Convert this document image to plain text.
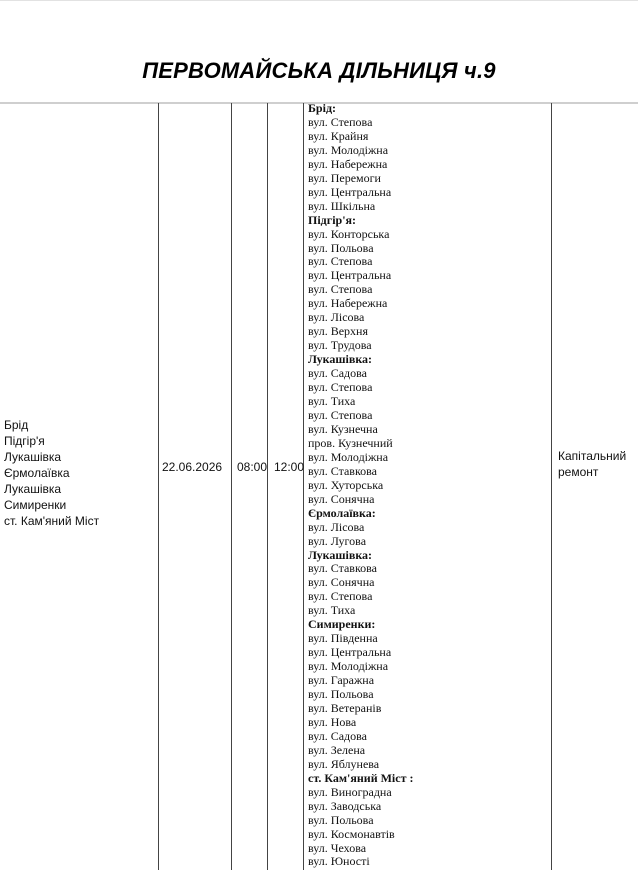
ПЕРВОМАЙСЬКА ДІЛЬНИЦЯ ч.9
Брід
Підгір'я
Лукашівка
Єрмолаївка
Лукашівка
Симиренки
ст. Кам'яний Міст
22.06.2026 08:00 12:00
Капітальний
ремонт
Брід:
вул. Степова
вул. Крайня
вул. Молодіжна
вул. Набережна
вул. Перемоги
вул. Центральна
вул. Шкільна
Підгір'я:
вул. Конторська
вул. Польова
вул. Степова
вул. Центральна
вул. Степова
вул. Набережна
вул. Лісова
вул. Верхня
вул. Трудова
Лукашівка:
вул. Садова
вул. Степова
вул. Тиха
вул. Степова
вул. Кузнечна
пров. Кузнечний
вул. Молодіжна
вул. Ставкова
вул. Хуторська
вул. Сонячна
Єрмолаївка:
вул. Лісова
вул. Лугова
Лукашівка:
вул. Ставкова
вул. Сонячна
вул. Степова
вул. Тиха
Симиренки:
вул. Південна
вул. Центральна
вул. Молодіжна
вул. Гаражна
вул. Польова
вул. Ветеранів
вул. Нова
вул. Садова
вул. Зелена
вул. Яблунева
ст. Кам'яний Міст :
вул. Виноградна
вул. Заводська
вул. Польова
вул. Космонавтів
вул. Чехова
вул. Юності
